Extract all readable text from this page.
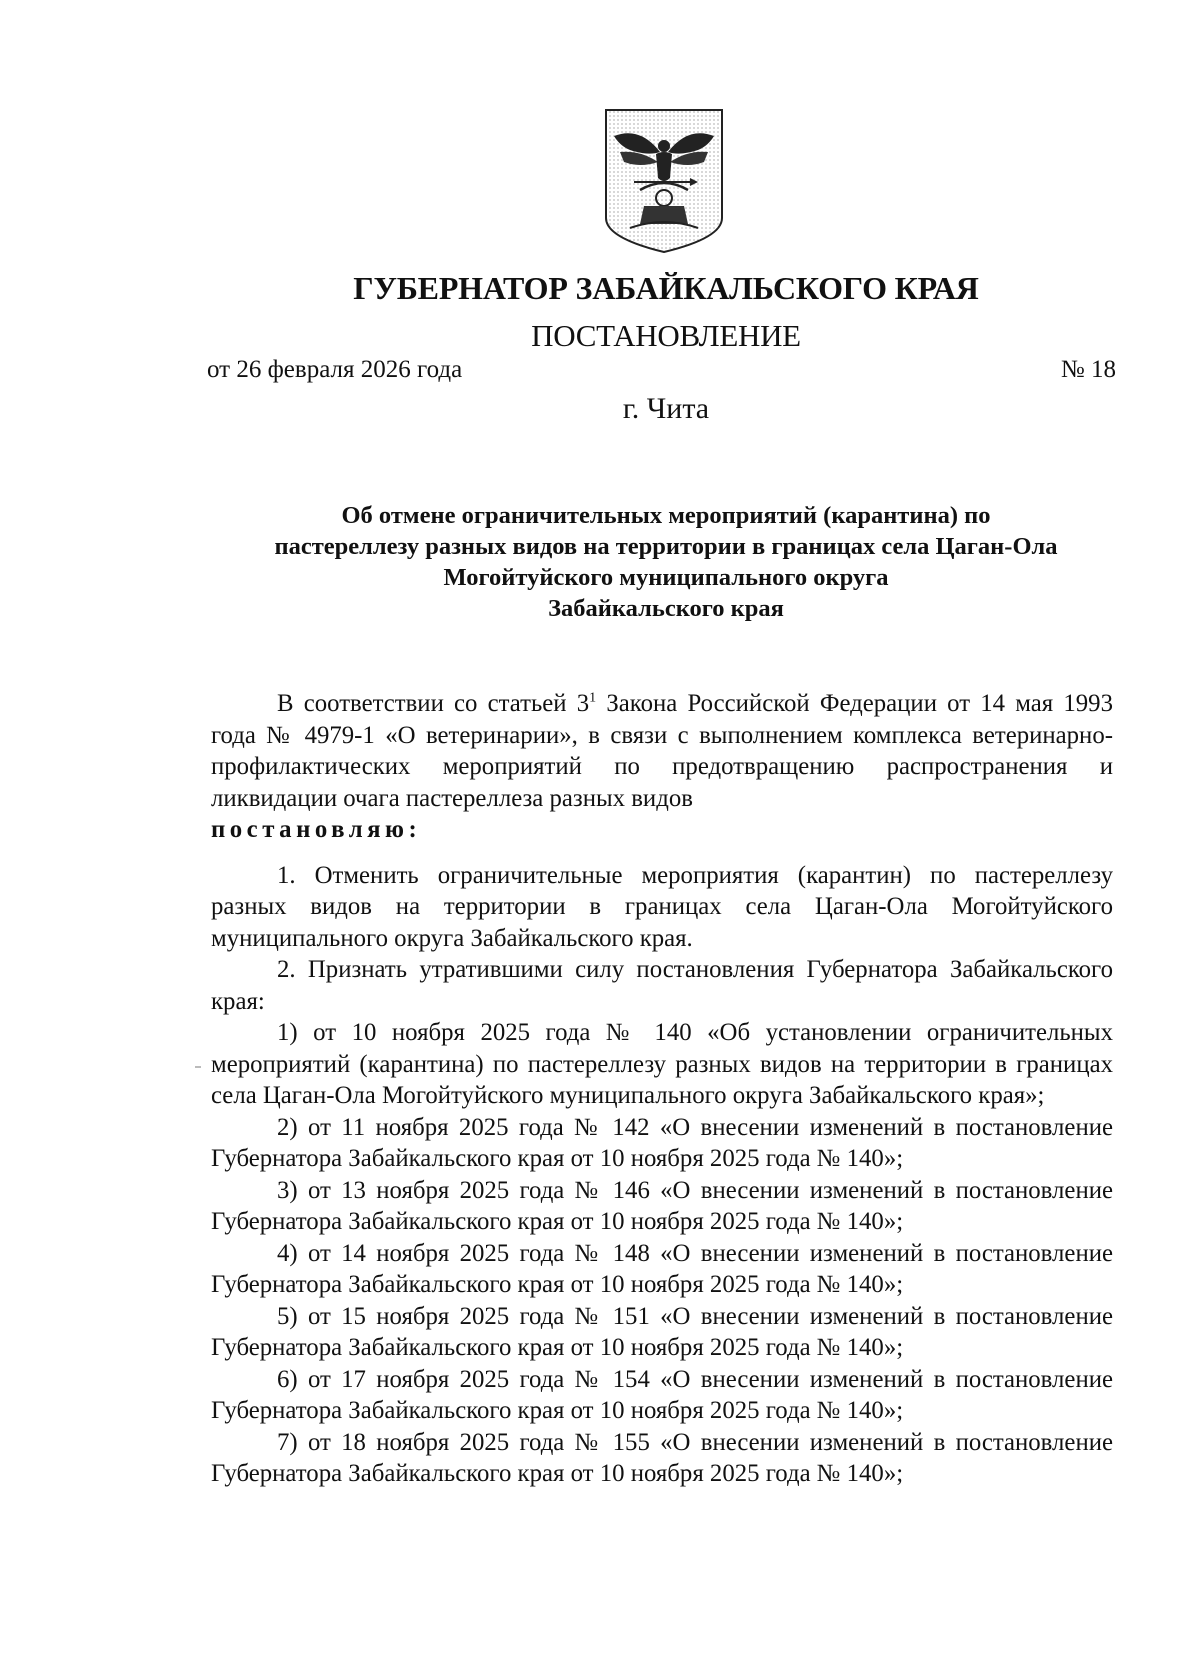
ГУБЕРНАТОР ЗАБАЙКАЛЬСКОГО КРАЯ
ПОСТАНОВЛЕНИЕ
от 26 февраля 2026 года	№ 18
г. Чита
Об отмене ограничительных мероприятий (карантина) по
пастереллезу разных видов на территории в границах села Цаган-Ола
Могойтуйского муниципального округа
Забайкальского края

В соответствии со статьей $3^1$ Закона Российской Федерации от 14 мая 1993 года № 4979-1 «О ветеринарии», в связи с выполнением комплекса ветеринарно-профилактических мероприятий по предотвращению распространения и ликвидации очага пастереллеза разных видов

постановляю:

1. Отменить ограничительные мероприятия (карантин) по пастереллезу разных видов на территории в границах села Цаган-Ола Могойтуйского муниципального округа Забайкальского края.

2. Признать утратившими силу постановления Губернатора Забайкальского края:

1) от 10 ноября 2025 года № 140 «Об установлении ограничительных мероприятий (карантина) по пастереллезу разных видов на территории в границах села Цаган-Ола Могойтуйского муниципального округа Забайкальского края»;

2) от 11 ноября 2025 года № 142 «О внесении изменений в постановление Губернатора Забайкальского края от 10 ноября 2025 года № 140»;

3) от 13 ноября 2025 года № 146 «О внесении изменений в постановление Губернатора Забайкальского края от 10 ноября 2025 года № 140»;

4) от 14 ноября 2025 года № 148 «О внесении изменений в постановление Губернатора Забайкальского края от 10 ноября 2025 года № 140»;

5) от 15 ноября 2025 года № 151 «О внесении изменений в постановление Губернатора Забайкальского края от 10 ноября 2025 года № 140»;

6) от 17 ноября 2025 года № 154 «О внесении изменений в постановление Губернатора Забайкальского края от 10 ноября 2025 года № 140»;

7) от 18 ноября 2025 года № 155 «О внесении изменений в постановление Губернатора Забайкальского края от 10 ноября 2025 года № 140»;
